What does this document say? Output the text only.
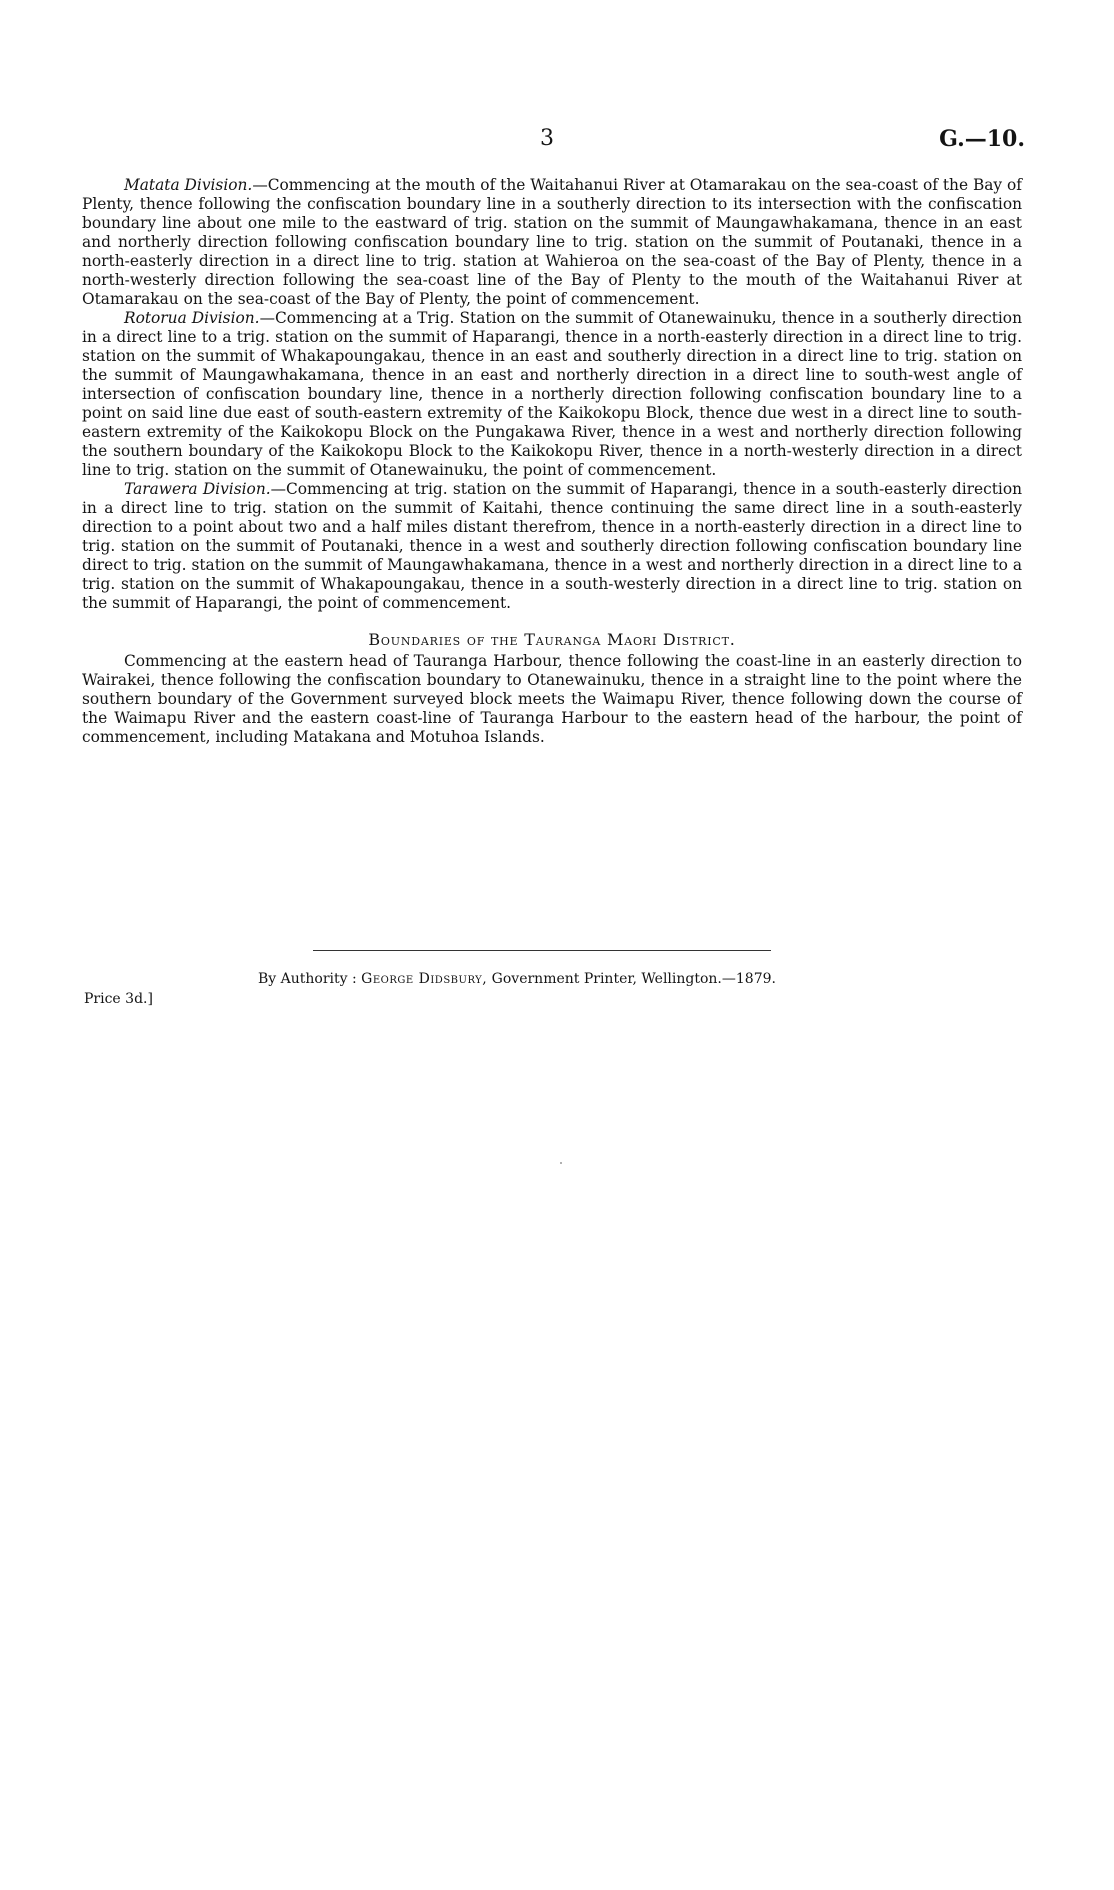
3	G.—10.

Matata Division.—Commencing at the mouth of the Waitahanui River at Otamarakau on the sea-coast of the Bay of Plenty, thence following the confiscation boundary line in a southerly direction to its intersection with the confiscation boundary line about one mile to the eastward of trig. station on the summit of Maungawhakamana, thence in an east and northerly direction following confiscation boundary line to trig. station on the summit of Poutanaki, thence in a north-easterly direction in a direct line to trig. station at Wahieroa on the sea-coast of the Bay of Plenty, thence in a north-westerly direction following the sea-coast line of the Bay of Plenty to the mouth of the Waitahanui River at Otamarakau on the sea-coast of the Bay of Plenty, the point of commencement.

Rotorua Division.—Commencing at a Trig. Station on the summit of Otanewainuku, thence in a southerly direction in a direct line to a trig. station on the summit of Haparangi, thence in a north-easterly direction in a direct line to trig. station on the summit of Whakapoungakau, thence in an east and southerly direction in a direct line to trig. station on the summit of Maungawhakamana, thence in an east and northerly direction in a direct line to south-west angle of intersection of confiscation boundary line, thence in a northerly direction following confiscation boundary line to a point on said line due east of south-eastern extremity of the Kaikokopu Block, thence due west in a direct line to south-eastern extremity of the Kaikokopu Block on the Pungakawa River, thence in a west and northerly direction following the southern boundary of the Kaikokopu Block to the Kaikokopu River, thence in a north-westerly direction in a direct line to trig. station on the summit of Otanewainuku, the point of commencement.

Tarawera Division.—Commencing at trig. station on the summit of Haparangi, thence in a south-easterly direction in a direct line to trig. station on the summit of Kaitahi, thence continuing the same direct line in a south-easterly direction to a point about two and a half miles distant therefrom, thence in a north-easterly direction in a direct line to trig. station on the summit of Poutanaki, thence in a west and southerly direction following confiscation boundary line direct to trig. station on the summit of Maungawhakamana, thence in a west and northerly direction in a direct line to a trig. station on the summit of Whakapoungakau, thence in a south-westerly direction in a direct line to trig. station on the summit of Haparangi, the point of commencement.

Boundaries of the Tauranga Maori District.

Commencing at the eastern head of Tauranga Harbour, thence following the coast-line in an easterly direction to Wairakei, thence following the confiscation boundary to Otanewainuku, thence in a straight line to the point where the southern boundary of the Government surveyed block meets the Waimapu River, thence following down the course of the Waimapu River and the eastern coast-line of Tauranga Harbour to the eastern head of the harbour, the point of commencement, including Matakana and Motuhoa Islands.

By Authority : George Didsbury, Government Printer, Wellington.—1879.
Price 3d.]
